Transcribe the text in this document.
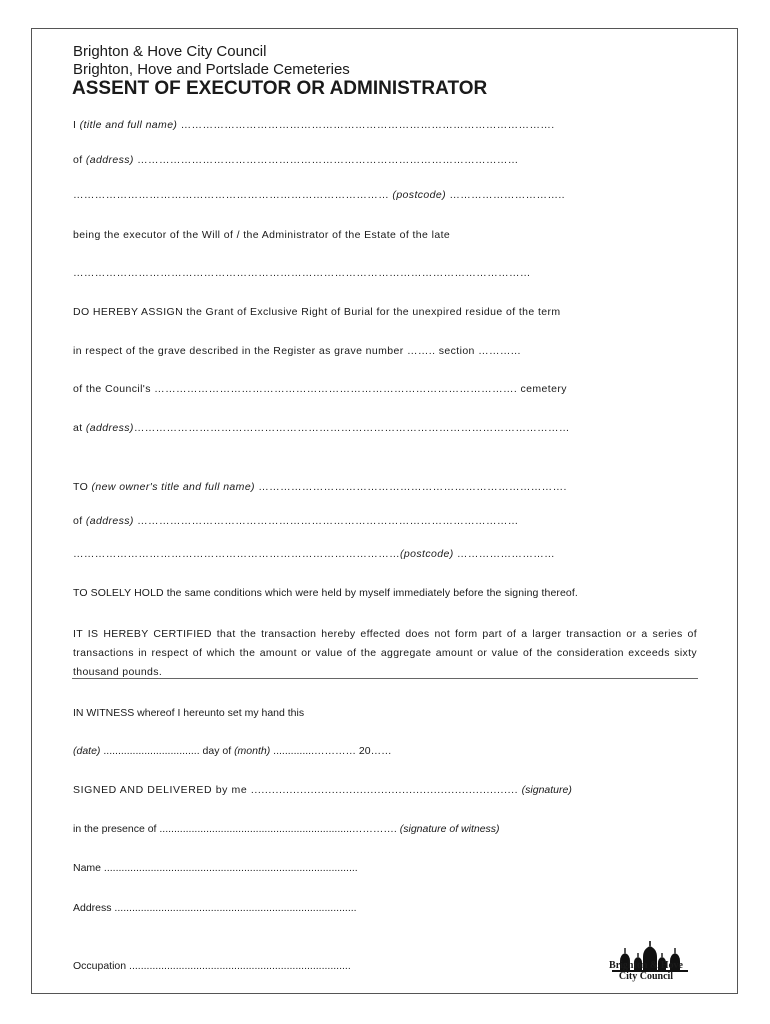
Brighton & Hove City Council
Brighton, Hove and Portslade Cemeteries
ASSENT OF EXECUTOR OR ADMINISTRATOR
I (title and full name) ………………………………………………………………………………………….
of (address) ……………………………………………………………………………………………
…………………………………………………………………………… (postcode) …………………………..
being the executor of the Will of / the Administrator of the Estate of the late
………………………………………………………………………………………………………………
DO HEREBY ASSIGN the Grant of Exclusive Right of Burial for the unexpired residue of the term
in respect of the grave described in the Register as grave number …….. section ………...
of the Council's ………………………………………………………………………………………. cemetery
at (address)…………………………………………………………………………………………………………
TO (new owner's title and full name) ………………………………………………………………………….
of (address) ……………………………………………………………………………………………
………………………………………………………………………………(postcode) ………………………
TO SOLELY HOLD the same conditions which were held by myself immediately before the signing thereof.
IT IS HEREBY CERTIFIED that the transaction hereby effected does not form part of a larger transaction or a series of transactions in respect of which the amount or value of the aggregate amount or value of the consideration exceeds sixty thousand pounds.
IN WITNESS whereof I hereunto set my hand this
(date) ................................. day of (month) ..............………… 20……
SIGNED AND DELIVERED by me ............................................................................ (signature)
in the presence of ..................................................................…………. (signature of witness)
Name .......................................................................................
Address ...................................................................................
Occupation ............................................................................	Brighton & Hove
City Council
